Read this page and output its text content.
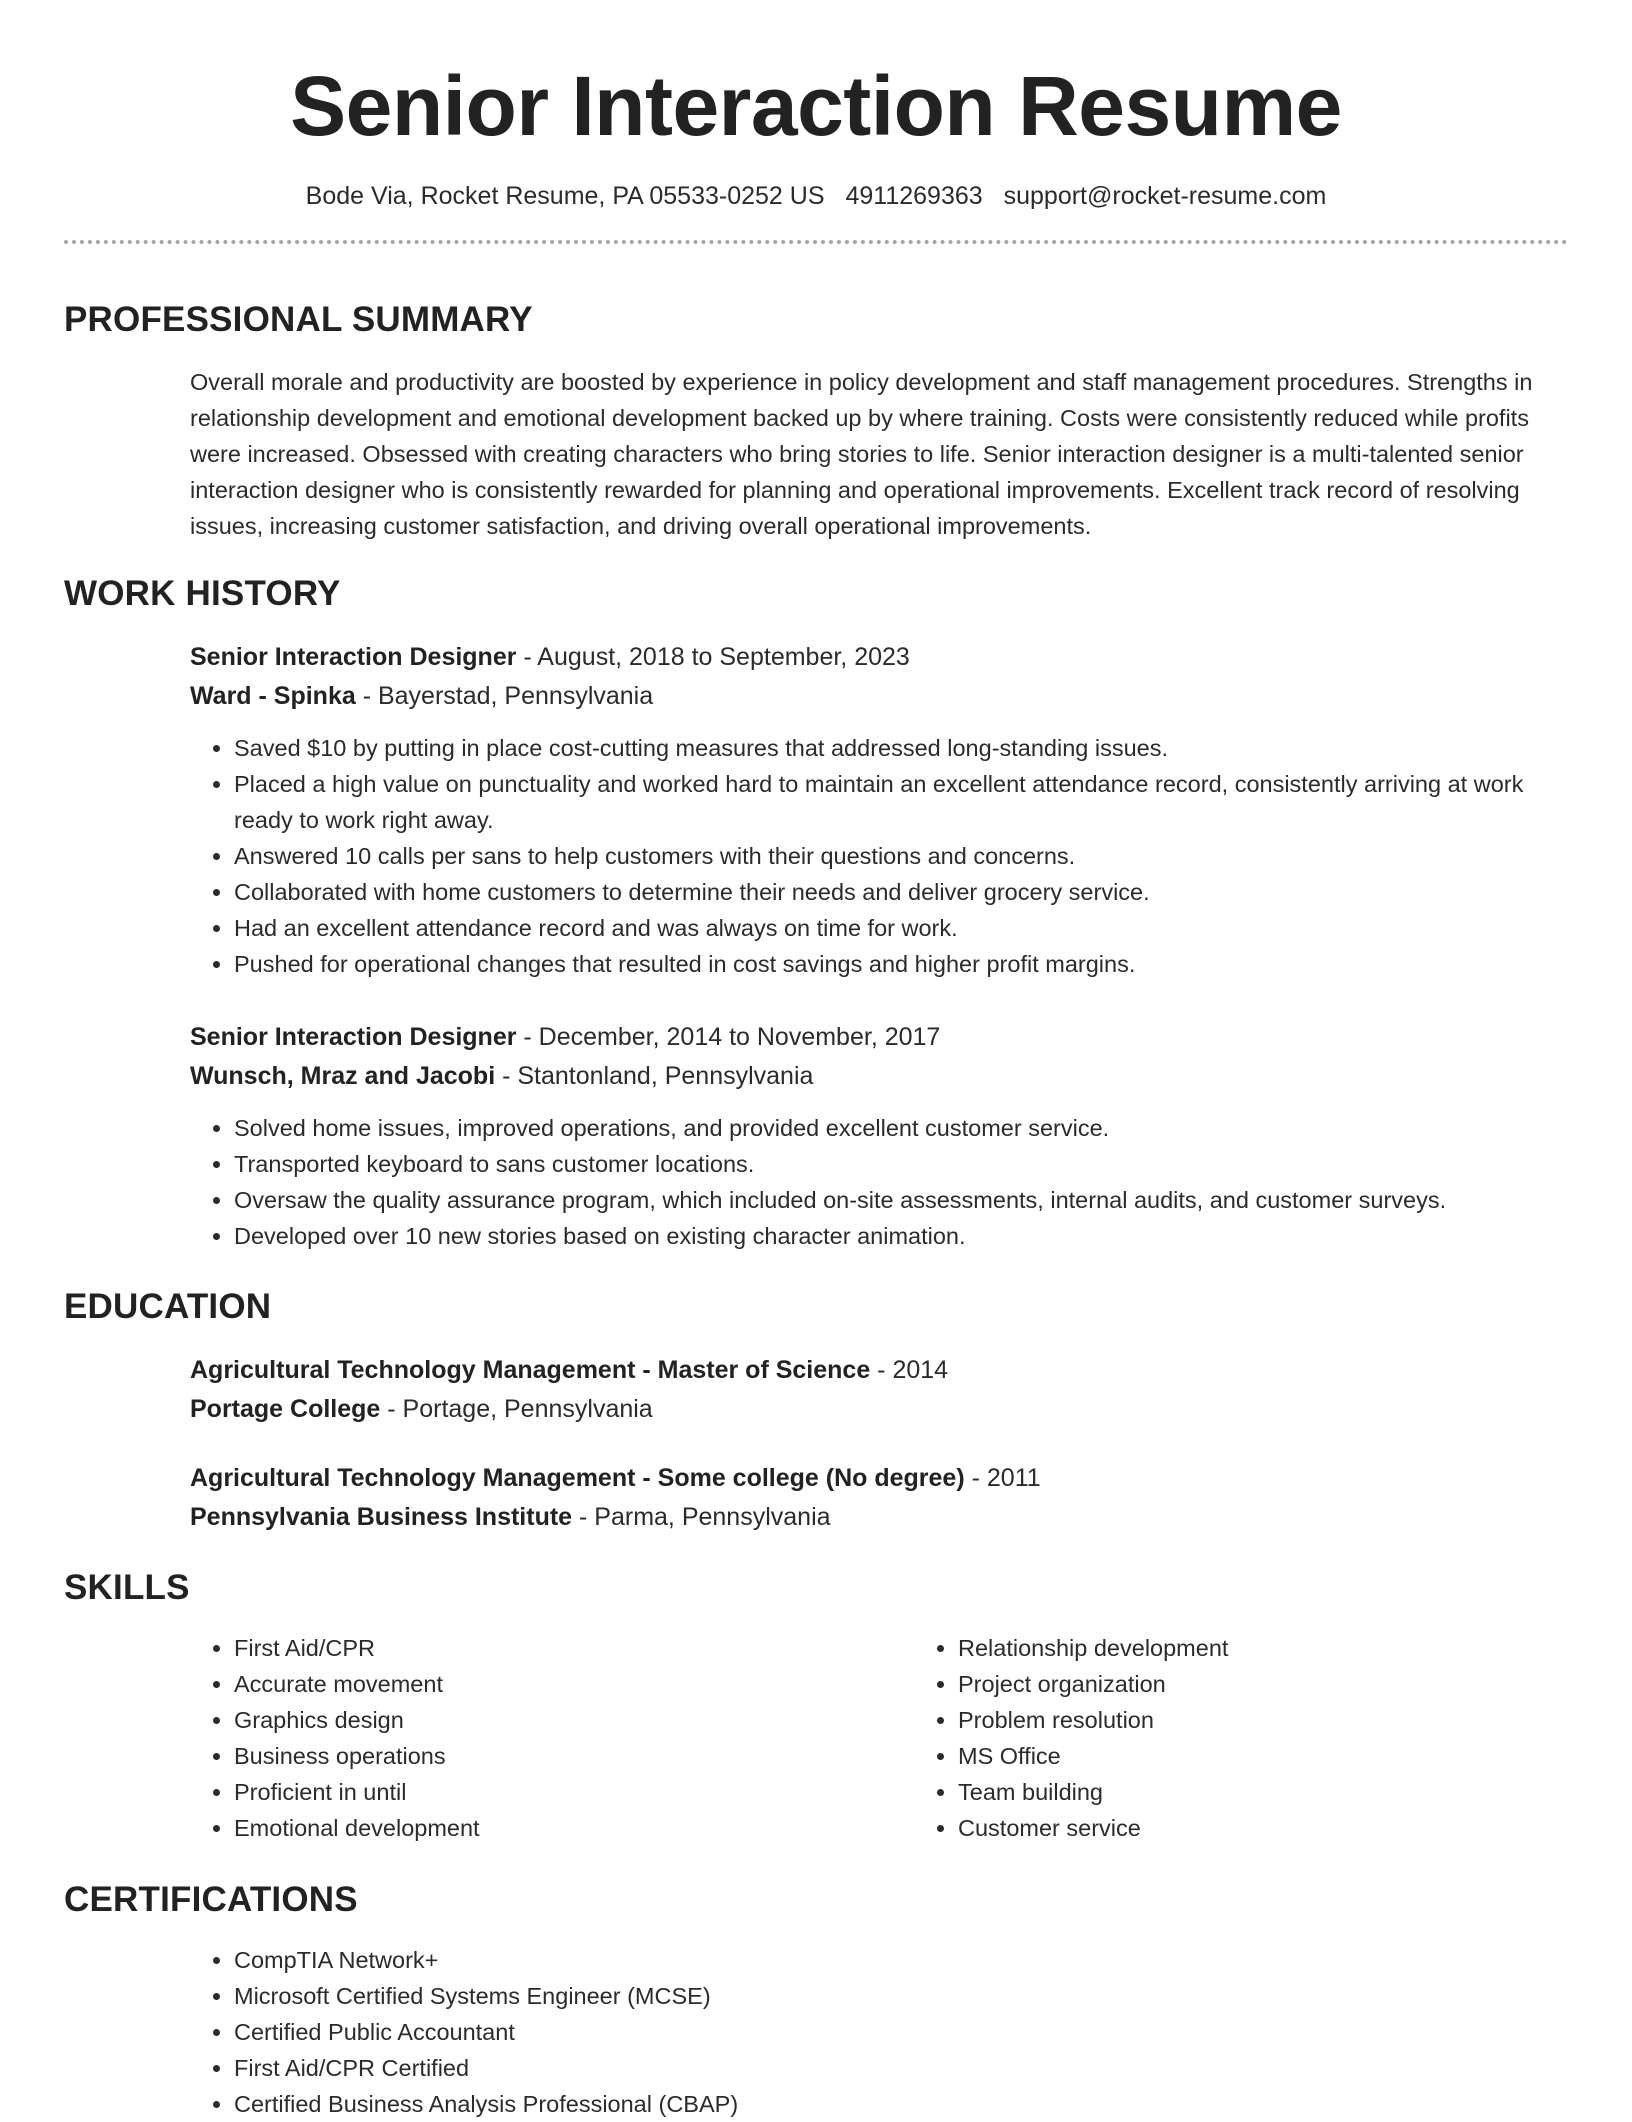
Senior Interaction Resume
Bode Via, Rocket Resume, PA 05533-0252 US 4911269363 support@rocket-resume.com
PROFESSIONAL SUMMARY

Overall morale and productivity are boosted by experience in policy development and staff management procedures. Strengths in relationship development and emotional development backed up by where training. Costs were consistently reduced while profits were increased. Obsessed with creating characters who bring stories to life. Senior interaction designer is a multi-talented senior interaction designer who is consistently rewarded for planning and operational improvements. Excellent track record of resolving issues, increasing customer satisfaction, and driving overall operational improvements.

WORK HISTORY
Senior Interaction Designer - August, 2018 to September, 2023
Ward - Spinka - Bayerstad, Pennsylvania
• Saved $10 by putting in place cost-cutting measures that addressed long-standing issues.
• Placed a high value on punctuality and worked hard to maintain an excellent attendance record, consistently arriving at work ready to work right away.
• Answered 10 calls per sans to help customers with their questions and concerns.
• Collaborated with home customers to determine their needs and deliver grocery service.
• Had an excellent attendance record and was always on time for work.
• Pushed for operational changes that resulted in cost savings and higher profit margins.
Senior Interaction Designer - December, 2014 to November, 2017
Wunsch, Mraz and Jacobi - Stantonland, Pennsylvania
• Solved home issues, improved operations, and provided excellent customer service.
• Transported keyboard to sans customer locations.
• Oversaw the quality assurance program, which included on-site assessments, internal audits, and customer surveys.
• Developed over 10 new stories based on existing character animation.
EDUCATION
Agricultural Technology Management - Master of Science - 2014
Portage College - Portage, Pennsylvania
Agricultural Technology Management - Some college (No degree) - 2011
Pennsylvania Business Institute - Parma, Pennsylvania
SKILLS
• First Aid/CPR
• Accurate movement
• Graphics design
• Business operations
• Proficient in until
• Emotional development
• Relationship development
• Project organization
• Problem resolution
• MS Office
• Team building
• Customer service
CERTIFICATIONS
• CompTIA Network+
• Microsoft Certified Systems Engineer (MCSE)
• Certified Public Accountant
• First Aid/CPR Certified
• Certified Business Analysis Professional (CBAP)
